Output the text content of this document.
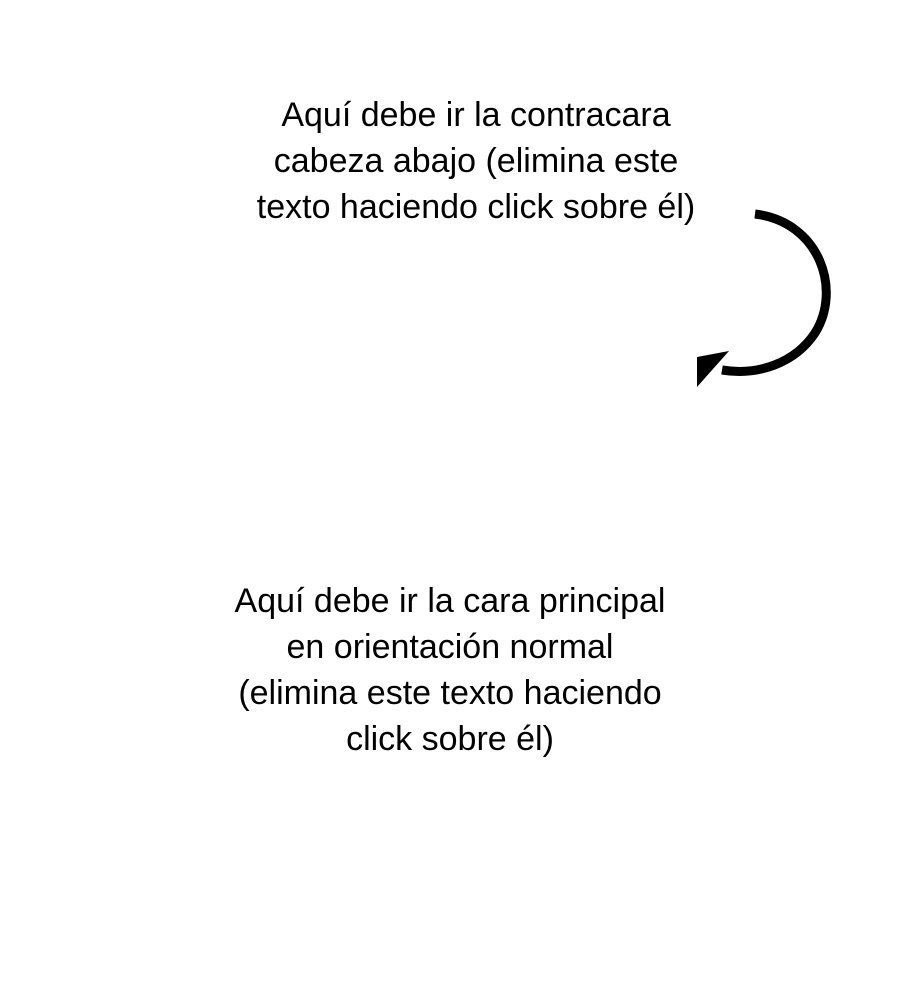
Aquí debe ir la contracara
cabeza abajo (elimina este
texto haciendo click sobre él)
Aquí debe ir la cara principal
en orientación normal
(elimina este texto haciendo
click sobre él)
